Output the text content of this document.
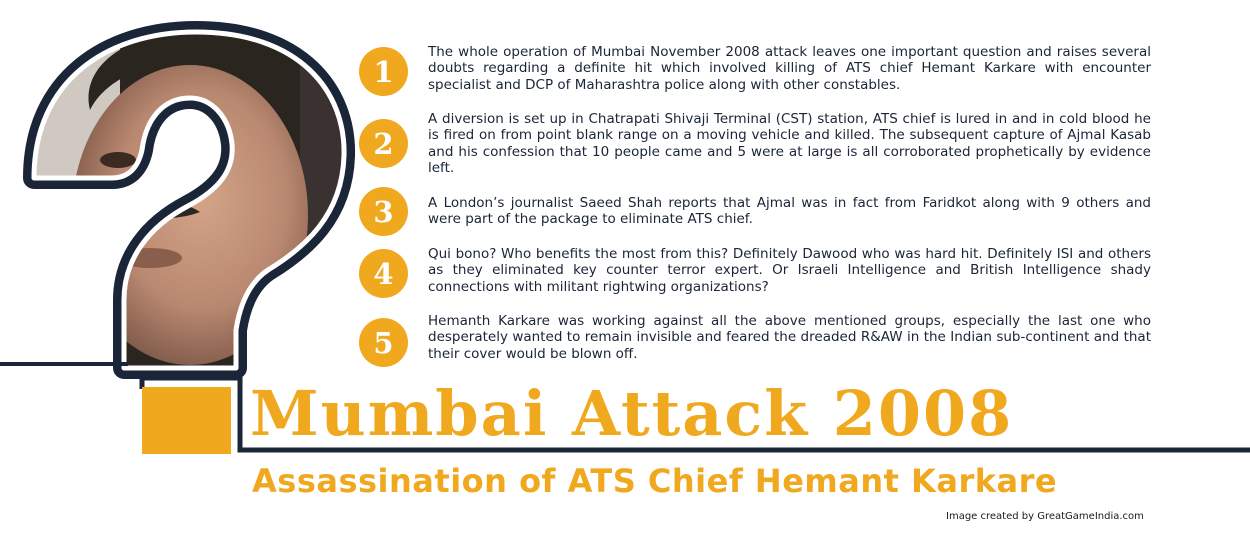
1
The whole operation of Mumbai November 2008 attack leaves one important question and raises several doubts regarding a definite hit which involved killing of ATS chief Hemant Karkare with encounter specialist and DCP of Maharashtra police along with other constables.
2
A diversion is set up in Chatrapati Shivaji Terminal (CST) station, ATS chief is lured in and in cold blood he is fired on from point blank range on a moving vehicle and killed. The subsequent capture of Ajmal Kasab and his confession that 10 people came and 5 were at large is all corroborated prophetically by evidence left.
3	A London’s journalist Saeed Shah reports that Ajmal was in fact from Faridkot along with 9 others and were part of the package to eliminate ATS chief.
4
Qui bono? Who benefits the most from this? Definitely Dawood who was hard hit. Definitely ISI and others as they eliminated key counter terror expert. Or Israeli Intelligence and British Intelligence shady connections with militant rightwing organizations?
5
Hemanth Karkare was working against all the above mentioned groups, especially the last one who desperately wanted to remain invisible and feared the dreaded R&AW in the Indian sub-continent and that their cover would be blown off.
Mumbai Attack 2008
Assassination of ATS Chief Hemant Karkare
Image created by GreatGameIndia.com
